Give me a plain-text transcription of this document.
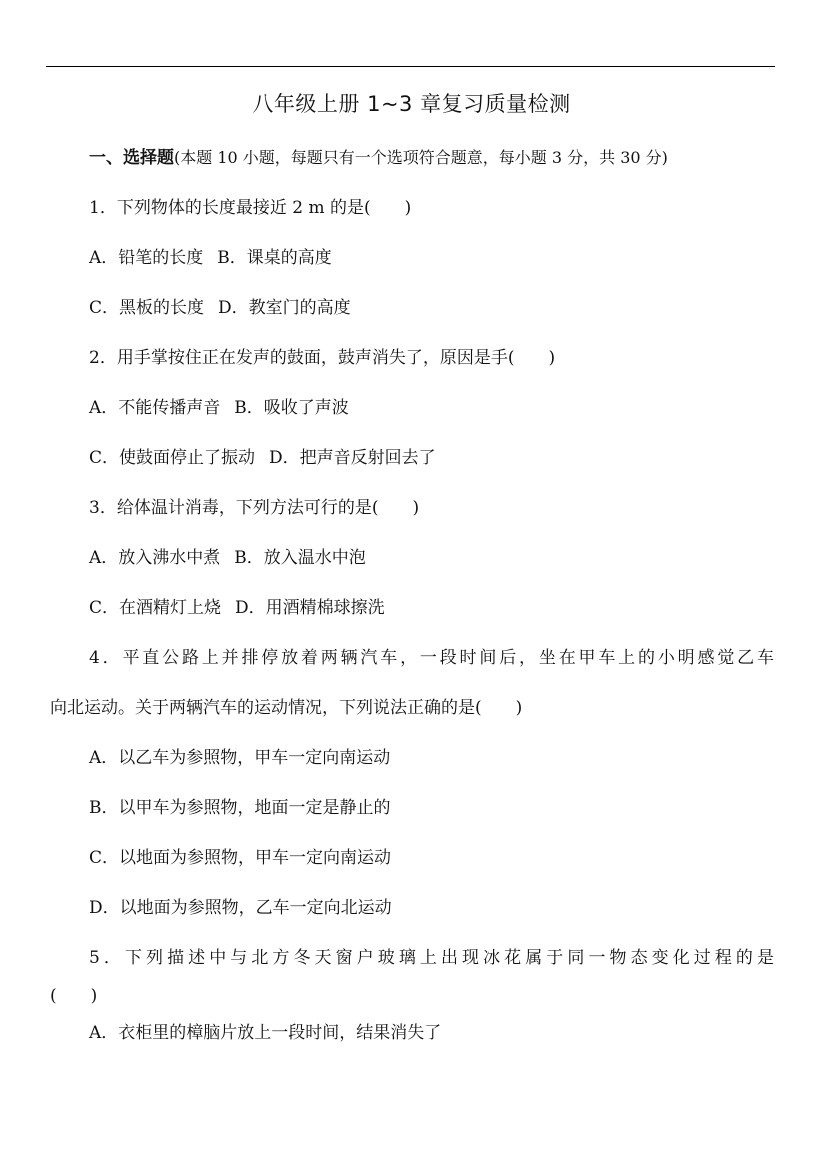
八年级上册 1~3 章复习质量检测
一、选择题(本题 10 小题，每题只有一个选项符合题意，每小题 3 分，共 30 分)
1．下列物体的长度最接近 2 m 的是(　　)
A．铅笔的长度 B．课桌的高度
C．黑板的长度 D．教室门的高度
2．用手掌按住正在发声的鼓面，鼓声消失了，原因是手(　　)
A．不能传播声音 B．吸收了声波
C．使鼓面停止了振动 D．把声音反射回去了
3．给体温计消毒，下列方法可行的是(　　)
A．放入沸水中煮 B．放入温水中泡
C．在酒精灯上烧 D．用酒精棉球擦洗
4．平直公路上并排停放着两辆汽车，一段时间后，坐在甲车上的小明感觉乙车
向北运动。关于两辆汽车的运动情况，下列说法正确的是(　　)
A．以乙车为参照物，甲车一定向南运动
B．以甲车为参照物，地面一定是静止的
C．以地面为参照物，甲车一定向南运动
D．以地面为参照物，乙车一定向北运动
5．下列描述中与北方冬天窗户玻璃上出现冰花属于同一物态变化过程的是
(　　)
A．衣柜里的樟脑片放上一段时间，结果消失了
